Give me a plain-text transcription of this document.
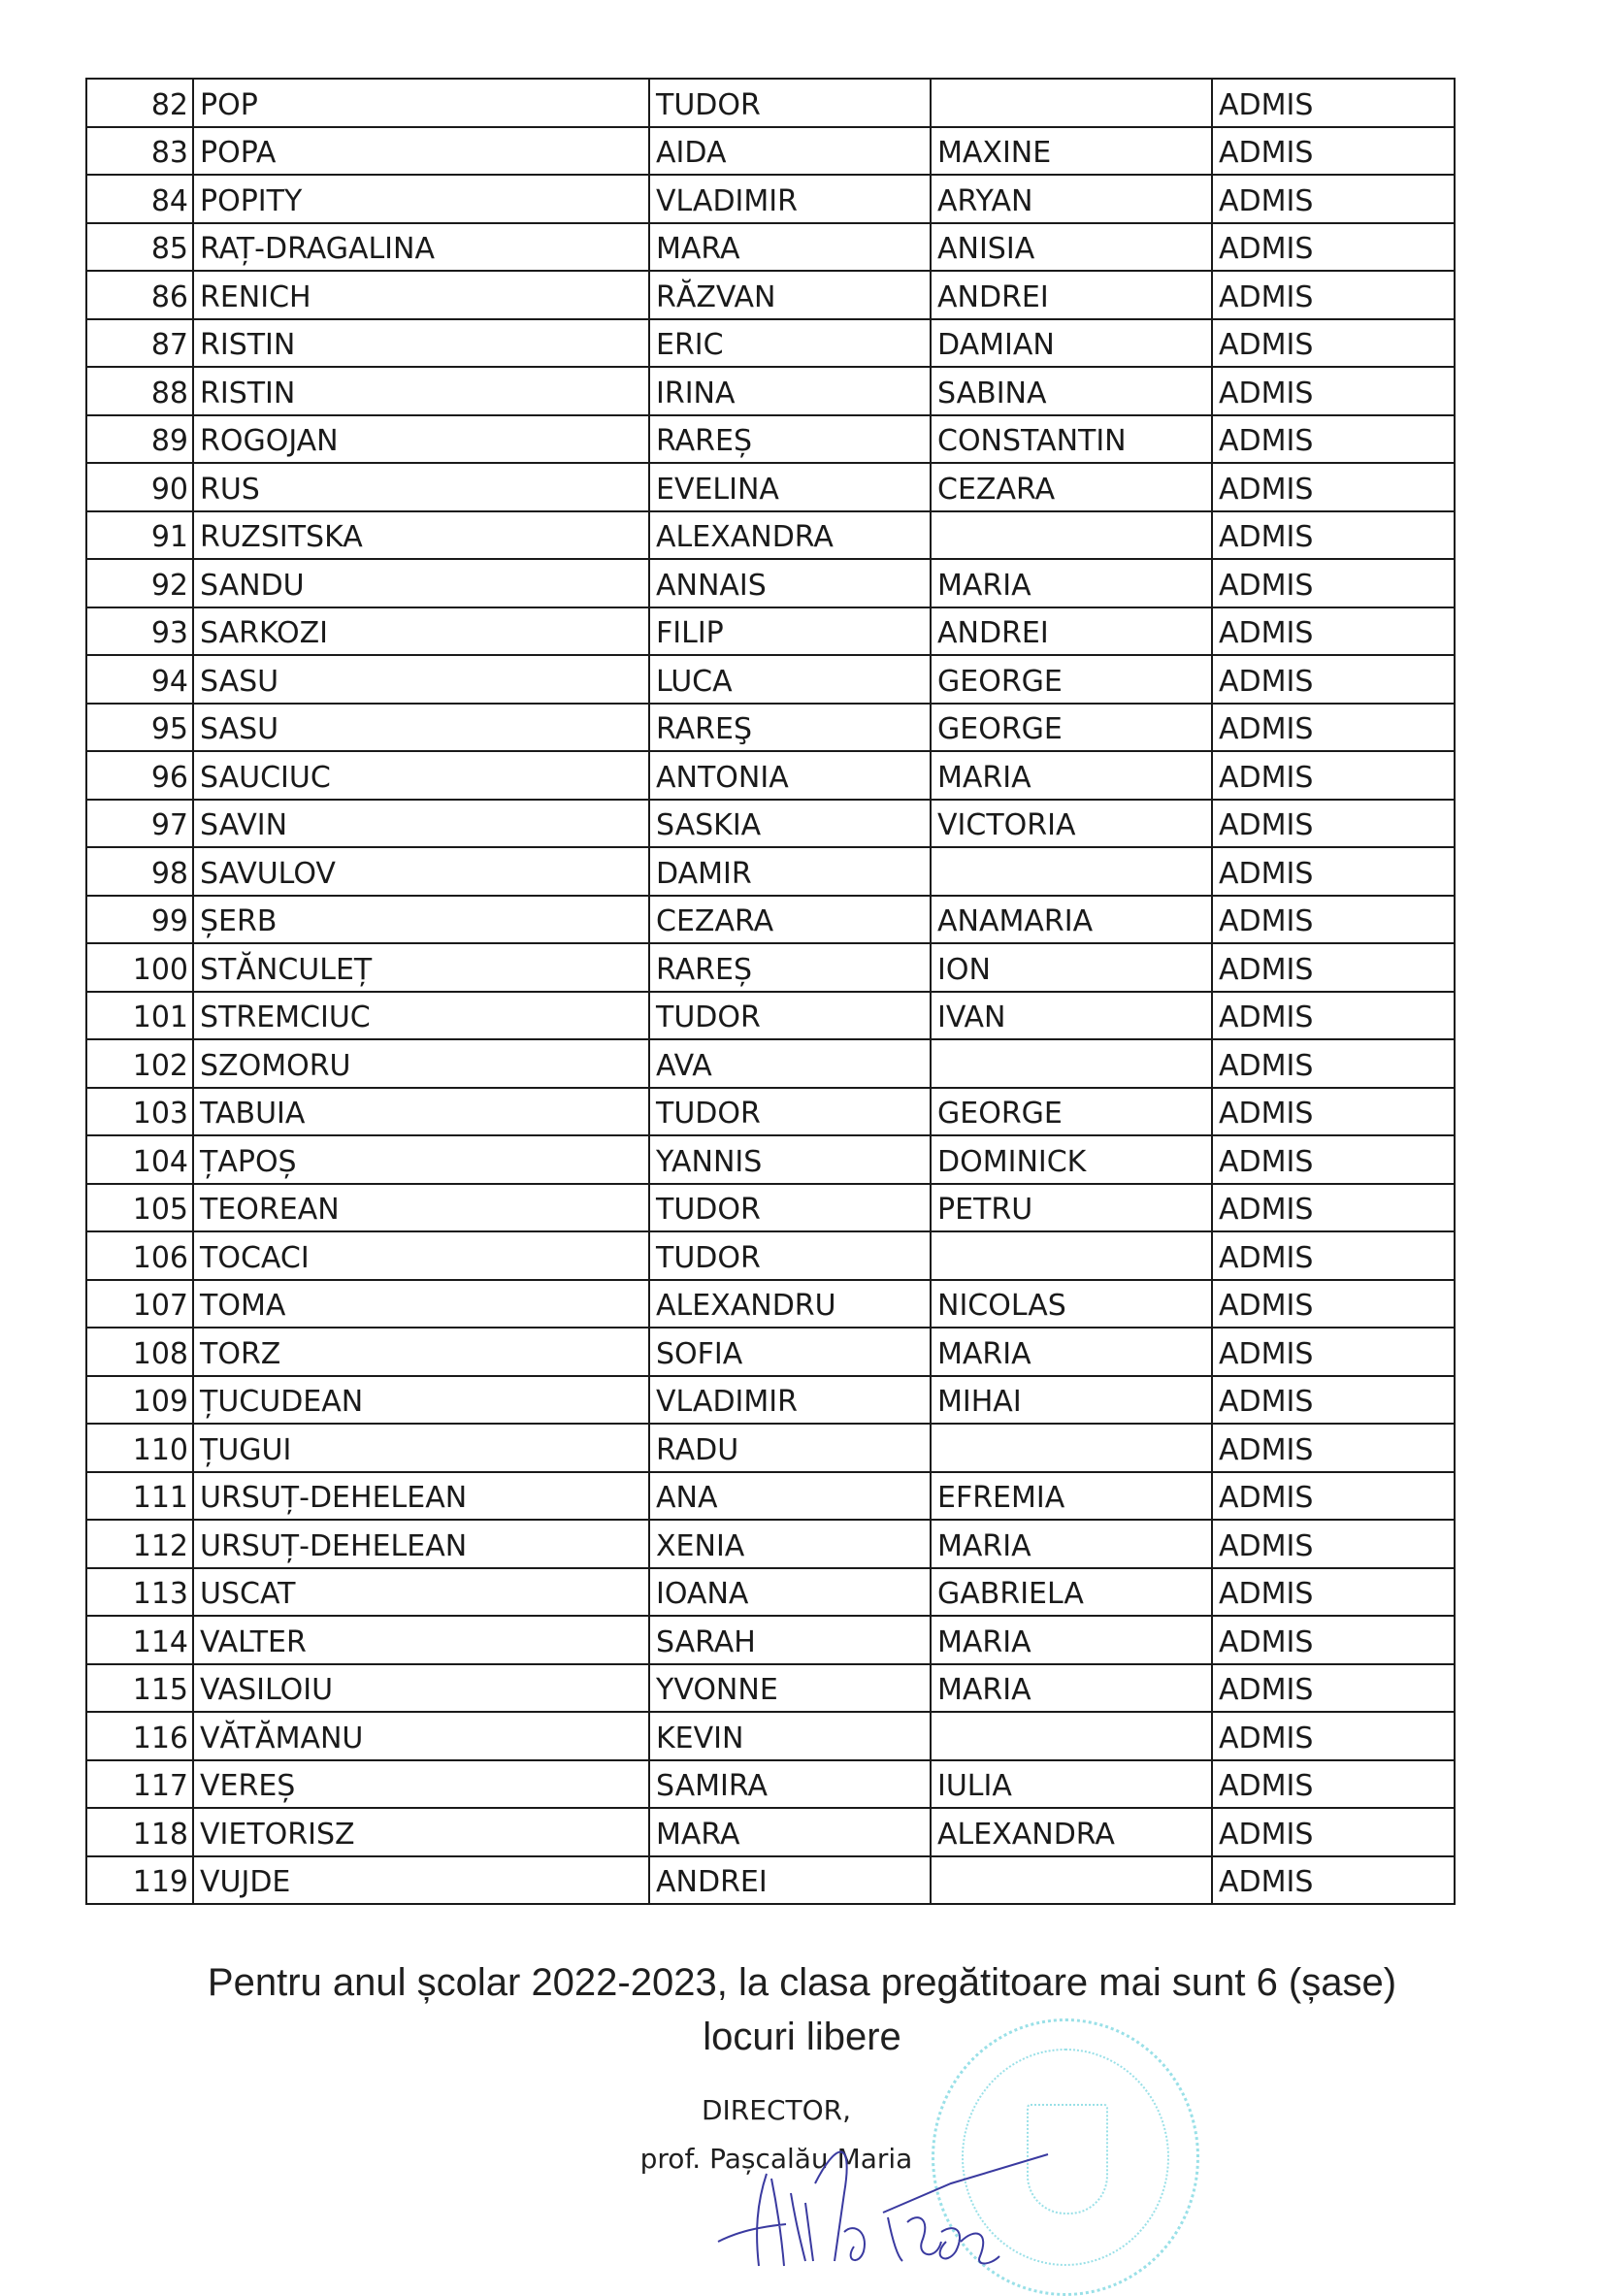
82	POP	TUDOR		ADMIS
83	POPA	AIDA	MAXINE	ADMIS
84	POPITY	VLADIMIR	ARYAN	ADMIS
85	RAȚ-DRAGALINA	MARA	ANISIA	ADMIS
86	RENICH	RĂZVAN	ANDREI	ADMIS
87	RISTIN	ERIC	DAMIAN	ADMIS
88	RISTIN	IRINA	SABINA	ADMIS
89	ROGOJAN	RAREȘ	CONSTANTIN	ADMIS
90	RUS	EVELINA	CEZARA	ADMIS
91	RUZSITSKA	ALEXANDRA		ADMIS
92	SANDU	ANNAIS	MARIA	ADMIS
93	SARKOZI	FILIP	ANDREI	ADMIS
94	SASU	LUCA	GEORGE	ADMIS
95	SASU	RAREŞ	GEORGE	ADMIS
96	SAUCIUC	ANTONIA	MARIA	ADMIS
97	SAVIN	SASKIA	VICTORIA	ADMIS
98	SAVULOV	DAMIR		ADMIS
99	ȘERB	CEZARA	ANAMARIA	ADMIS
100	STĂNCULEȚ	RAREȘ	ION	ADMIS
101	STREMCIUC	TUDOR	IVAN	ADMIS
102	SZOMORU	AVA		ADMIS
103	TABUIA	TUDOR	GEORGE	ADMIS
104	ȚAPOȘ	YANNIS	DOMINICK	ADMIS
105	TEOREAN	TUDOR	PETRU	ADMIS
106	TOCACI	TUDOR		ADMIS
107	TOMA	ALEXANDRU	NICOLAS	ADMIS
108	TORZ	SOFIA	MARIA	ADMIS
109	ȚUCUDEAN	VLADIMIR	MIHAI	ADMIS
110	ȚUGUI	RADU		ADMIS
111	URSUȚ-DEHELEAN	ANA	EFREMIA	ADMIS
112	URSUȚ-DEHELEAN	XENIA	MARIA	ADMIS
113	USCAT	IOANA	GABRIELA	ADMIS
114	VALTER	SARAH	MARIA	ADMIS
115	VASILOIU	YVONNE	MARIA	ADMIS
116	VĂTĂMANU	KEVIN		ADMIS
117	VEREȘ	SAMIRA	IULIA	ADMIS
118	VIETORISZ	MARA	ALEXANDRA	ADMIS
119	VUJDE	ANDREI		ADMIS
Pentru anul școlar 2022-2023, la clasa pregătitoare mai sunt 6 (șase)
locuri libere
DIRECTOR,
prof. Pașcalău Maria
